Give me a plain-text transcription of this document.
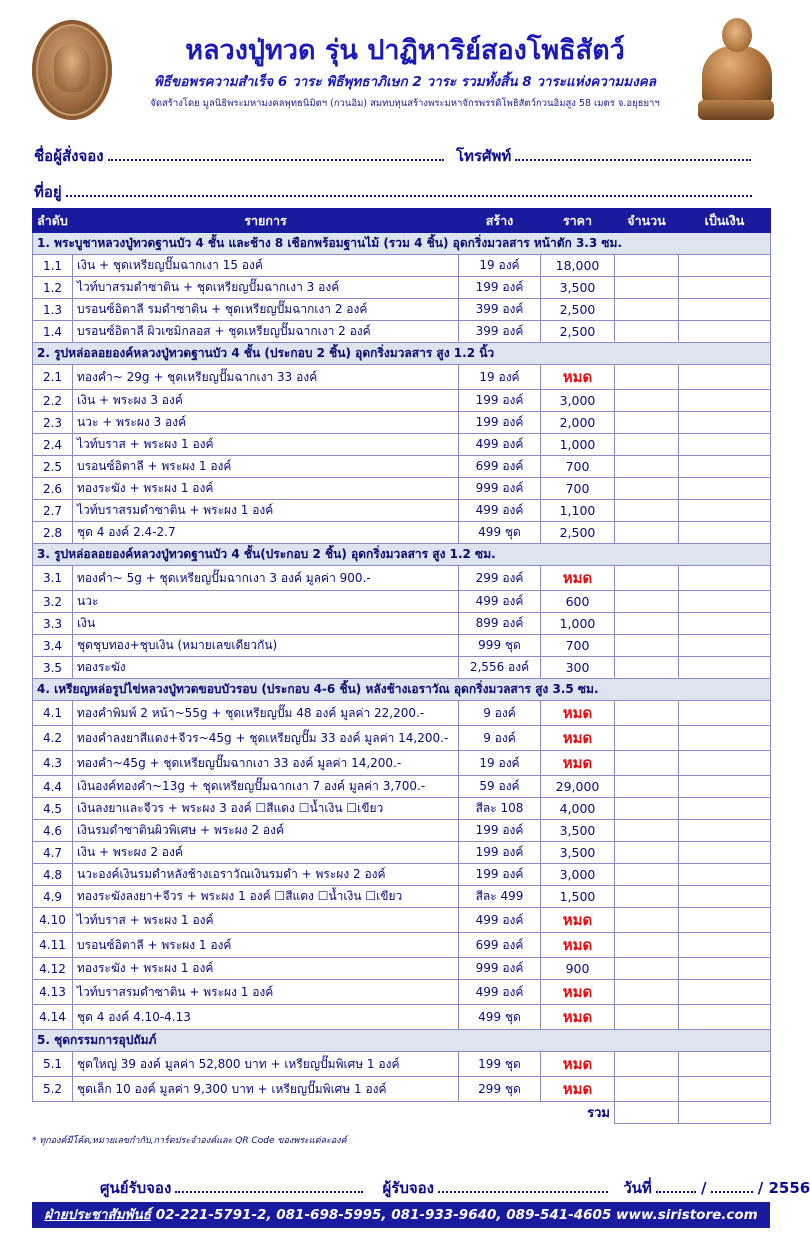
หลวงปู่ทวด รุ่น ปาฏิหาริย์สองโพธิสัตว์
พิธีขอพรความสำเร็จ 6 วาระ พิธีพุทธาภิเษก 2 วาระ รวมทั้งสิ้น 8 วาระแห่งความมงคล
จัดสร้างโดย มูลนิธิพระมหามงคลพุทธนิมิตฯ (กวนอิม) สมทบทุนสร้างพระมหาจักรพรรดิโพธิสัตว์กวนอิมสูง 58 เมตร จ.อยุธยาฯ
ชื่อผู้สั่งจอง	โทรศัพท์
ที่อยู่
ลำดับ	รายการ	สร้าง	ราคา	จำนวน	เป็นเงิน
1. พระบูชาหลวงปู่ทวดฐานบัว 4 ชั้น และช้าง 8 เชือกพร้อมฐานไม้ (รวม 4 ชิ้น) อุดกริ่งมวลสาร หน้าตัก 3.3 ซม.					
1.1	เงิน + ชุดเหรียญปั๊มฉากเงา 15 องค์	19 องค์	18,000		
1.2	ไวท์บาสรมดำซาติน + ชุดเหรียญปั๊มฉากเงา 3 องค์	199 องค์	3,500		
1.3	บรอนซ์อิตาลี รมดำซาติน + ชุดเหรียญปั๊มฉากเงา 2 องค์	399 องค์	2,500		
1.4	บรอนซ์อิตาลี ผิวเซมิกลอส + ชุดเหรียญปั๊มฉากเงา 2 องค์	399 องค์	2,500		
2. รูปหล่อลอยองค์หลวงปู่ทวดฐานบัว 4 ชั้น (ประกอบ 2 ชิ้น) อุดกริ่งมวลสาร สูง 1.2 นิ้ว					
2.1	ทองคำ~ 29g + ชุดเหรียญปั๊มฉากเงา 33 องค์	19 องค์	หมด		
2.2	เงิน + พระผง 3 องค์	199 องค์	3,000		
2.3	นวะ + พระผง 3 องค์	199 องค์	2,000		
2.4	ไวท์บราส + พระผง 1 องค์	499 องค์	1,000		
2.5	บรอนซ์อิตาลี + พระผง 1 องค์	699 องค์	700		
2.6	ทองระฆัง + พระผง 1 องค์	999 องค์	700		
2.7	ไวท์บราสรมดำซาติน + พระผง 1 องค์	499 องค์	1,100		
2.8	ชุด 4 องค์ 2.4-2.7	499 ชุด	2,500		
3. รูปหล่อลอยองค์หลวงปู่ทวดฐานบัว 4 ชั้น(ประกอบ 2 ชิ้น) อุดกริ่งมวลสาร สูง 1.2 ซม.					
3.1	ทองคำ~ 5g + ชุดเหรียญปั๊มฉากเงา 3 องค์ มูลค่า 900.-	299 องค์	หมด		
3.2	นวะ	499 องค์	600		
3.3	เงิน	899 องค์	1,000		
3.4	ชุดชุบทอง+ชุบเงิน (หมายเลขเดียวกัน)	999 ชุด	700		
3.5	ทองระฆัง	2,556 องค์	300		
4. เหรียญหล่อรูปไข่หลวงปู่ทวดขอบบัวรอบ (ประกอบ 4-6 ชิ้น) หลังช้างเอราวัณ อุดกริ่งมวลสาร สูง 3.5 ซม.					
4.1	ทองคำพิมพ์ 2 หน้า~55g + ชุดเหรียญปั๊ม 48 องค์ มูลค่า 22,200.-	9 องค์	หมด		
4.2	ทองคำลงยาสีแดง+จีวร~45g + ชุดเหรียญปั๊ม 33 องค์ มูลค่า 14,200.-	9 องค์	หมด		
4.3	ทองคำ~45g + ชุดเหรียญปั๊มฉากเงา 33 องค์ มูลค่า 14,200.-	19 องค์	หมด		
4.4	เงินองค์ทองคำ~13g + ชุดเหรียญปั๊มฉากเงา 7 องค์ มูลค่า 3,700.-	59 องค์	29,000		
4.5	เงินลงยาและจีวร + พระผง 3 องค์ ☐สีแดง ☐น้ำเงิน ☐เขียว	สีละ 108	4,000		
4.6	เงินรมดำซาตินผิวพิเศษ + พระผง 2 องค์	199 องค์	3,500		
4.7	เงิน + พระผง 2 องค์	199 องค์	3,500		
4.8	นวะองค์เงินรมดำหลังช้างเอราวัณเงินรมดำ + พระผง 2 องค์	199 องค์	3,000		
4.9	ทองระฆังลงยา+จีวร + พระผง 1 องค์ ☐สีแดง ☐น้ำเงิน ☐เขียว	สีละ 499	1,500		
4.10	ไวท์บราส + พระผง 1 องค์	499 องค์	หมด		
4.11	บรอนซ์อิตาลี + พระผง 1 องค์	699 องค์	หมด		
4.12	ทองระฆัง + พระผง 1 องค์	999 องค์	900		
4.13	ไวท์บราสรมดำซาติน + พระผง 1 องค์	499 องค์	หมด		
4.14	ชุด 4 องค์ 4.10-4.13	499 ชุด	หมด		
5. ชุดกรรมการอุปถัมภ์					
5.1	ชุดใหญ่ 39 องค์ มูลค่า 52,800 บาท + เหรียญปั๊มพิเศษ 1 องค์	199 ชุด	หมด		
5.2	ชุดเล็ก 10 องค์ มูลค่า 9,300 บาท + เหรียญปั๊มพิเศษ 1 องค์	299 ชุด	หมด		
รวม					
* ทุกองค์มีโค้ด,หมายเลขกำกับ,การ์ดประจำองค์และ QR Code ของพระแต่ละองค์
ศูนย์รับจอง	ผู้รับจอง	วันที่	/	/ 2556
ฝ่ายประชาสัมพันธ์ 02-221-5791-2, 081-698-5995, 081-933-9640, 089-541-4605 www.siristore.com
